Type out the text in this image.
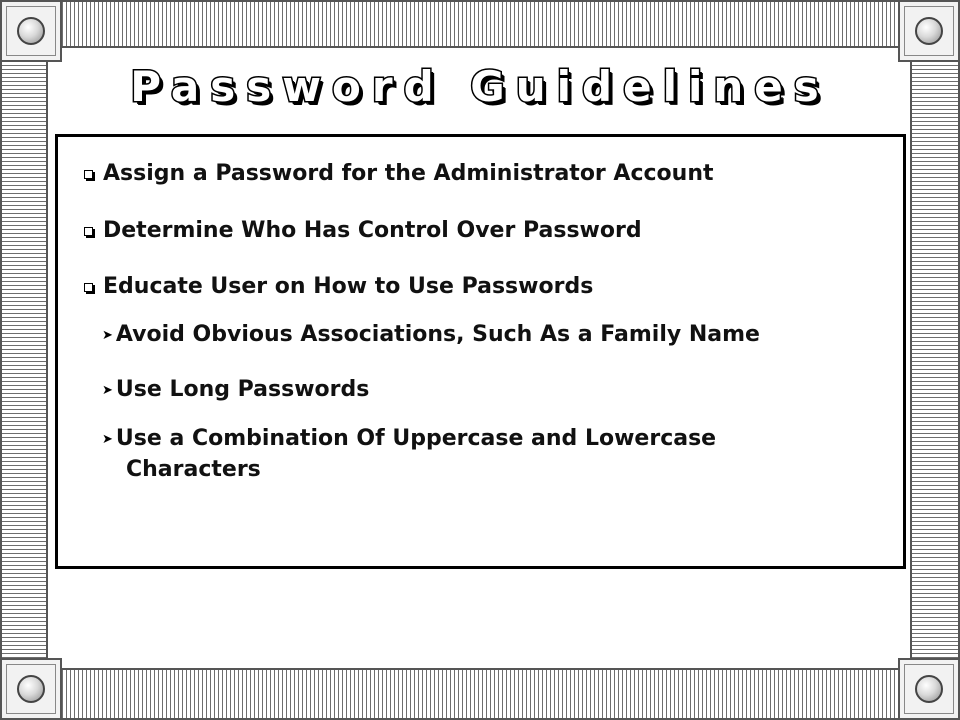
Password Guidelines
Assign a Password for the Administrator Account
Determine Who Has Control Over Password
Educate User on How to Use Passwords
➤ Avoid Obvious Associations, Such As a Family Name
➤ Use Long Passwords
➤ Use a Combination Of Uppercase and Lowercase
Characters
